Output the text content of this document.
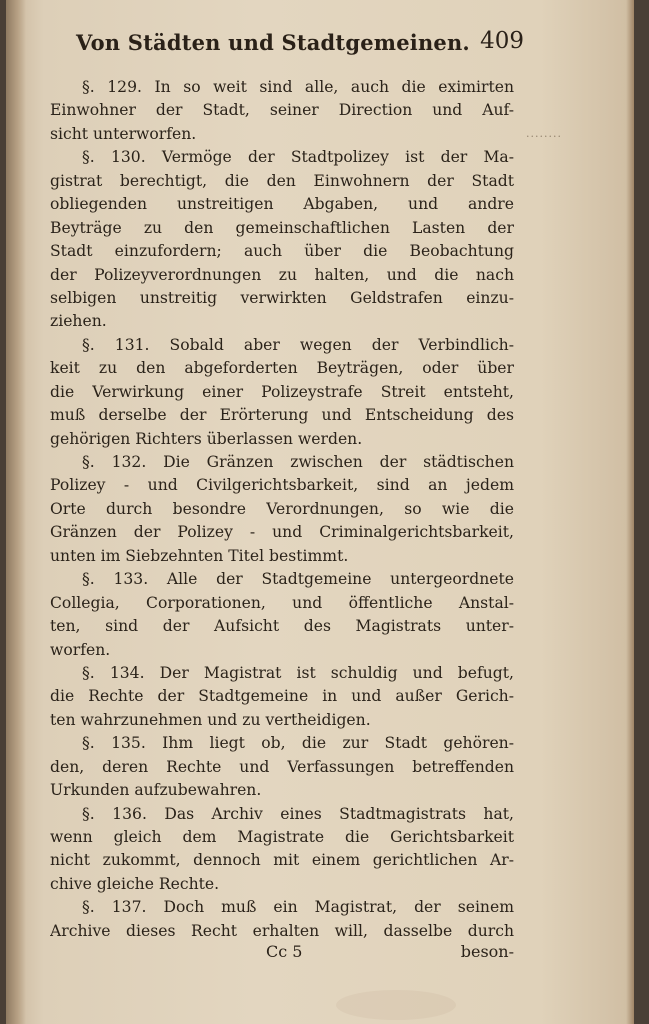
Von Städten und Stadtgemeinen. 409
........
§. 129. In so weit sind alle, auch die eximirten
Einwohner der Stadt, seiner Direction und Auf-
sicht unterworfen.
§. 130. Vermöge der Stadtpolizey ist der Ma-
gistrat berechtigt, die den Einwohnern der Stadt
obliegenden unstreitigen Abgaben, und andre
Beyträge zu den gemeinschaftlichen Lasten der
Stadt einzufordern; auch über die Beobachtung
der Polizeyverordnungen zu halten, und die nach
selbigen unstreitig verwirkten Geldstrafen einzu-
ziehen.
§. 131. Sobald aber wegen der Verbindlich-
keit zu den abgeforderten Beyträgen, oder über
die Verwirkung einer Polizeystrafe Streit entsteht,
muß derselbe der Erörterung und Entscheidung des
gehörigen Richters überlassen werden.
§. 132. Die Gränzen zwischen der städtischen
Polizey - und Civilgerichtsbarkeit, sind an jedem
Orte durch besondre Verordnungen, so wie die
Gränzen der Polizey - und Criminalgerichtsbarkeit,
unten im Siebzehnten Titel bestimmt.
§. 133. Alle der Stadtgemeine untergeordnete
Collegia, Corporationen, und öffentliche Anstal-
ten, sind der Aufsicht des Magistrats unter-
worfen.
§. 134. Der Magistrat ist schuldig und befugt,
die Rechte der Stadtgemeine in und außer Gerich-
ten wahrzunehmen und zu vertheidigen.
§. 135. Ihm liegt ob, die zur Stadt gehören-
den, deren Rechte und Verfassungen betreffenden
Urkunden aufzubewahren.
§. 136. Das Archiv eines Stadtmagistrats hat,
wenn gleich dem Magistrate die Gerichtsbarkeit
nicht zukommt, dennoch mit einem gerichtlichen Ar-
chive gleiche Rechte.
§. 137. Doch muß ein Magistrat, der seinem
Archive dieses Recht erhalten will, dasselbe durch
Cc 5	beson-
